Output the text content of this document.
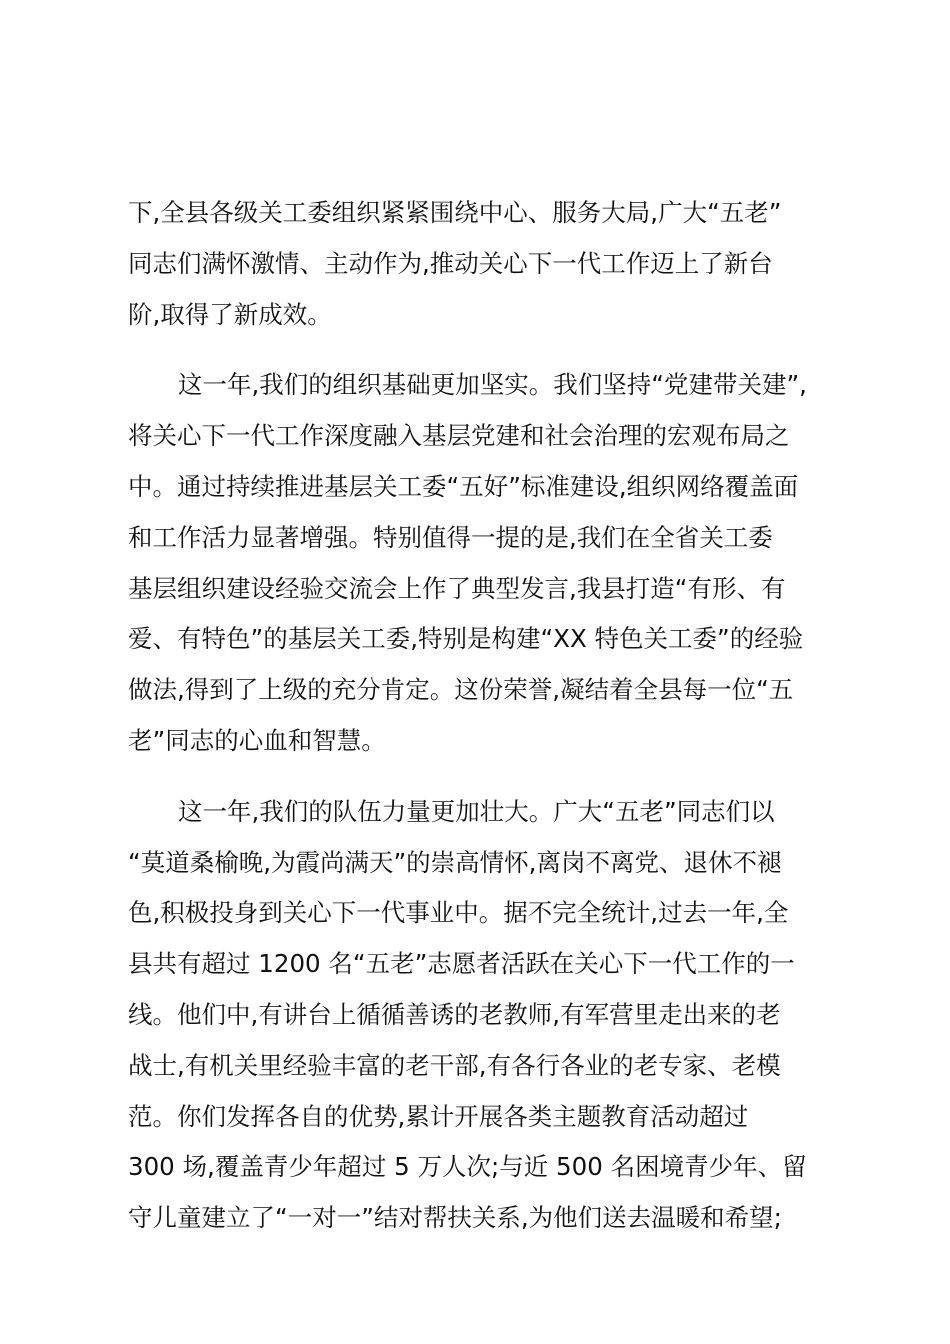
下,全县各级关工委组织紧紧围绕中心、服务大局,广大“五老”
同志们满怀激情、主动作为,推动关心下一代工作迈上了新台
阶,取得了新成效。
这一年,我们的组织基础更加坚实。我们坚持“党建带关建”,
将关心下一代工作深度融入基层党建和社会治理的宏观布局之
中。通过持续推进基层关工委“五好”标准建设,组织网络覆盖面
和工作活力显著增强。特别值得一提的是,我们在全省关工委
基层组织建设经验交流会上作了典型发言,我县打造“有形、有
爱、有特色”的基层关工委,特别是构建“XX 特色关工委”的经验
做法,得到了上级的充分肯定。这份荣誉,凝结着全县每一位“五
老”同志的心血和智慧。
这一年,我们的队伍力量更加壮大。广大“五老”同志们以
“莫道桑榆晚,为霞尚满天”的崇高情怀,离岗不离党、退休不褪
色,积极投身到关心下一代事业中。据不完全统计,过去一年,全
县共有超过 1200 名“五老”志愿者活跃在关心下一代工作的一
线。他们中,有讲台上循循善诱的老教师,有军营里走出来的老
战士,有机关里经验丰富的老干部,有各行各业的老专家、老模
范。你们发挥各自的优势,累计开展各类主题教育活动超过
300 场,覆盖青少年超过 5 万人次;与近 500 名困境青少年、留
守儿童建立了“一对一”结对帮扶关系,为他们送去温暖和希望;
